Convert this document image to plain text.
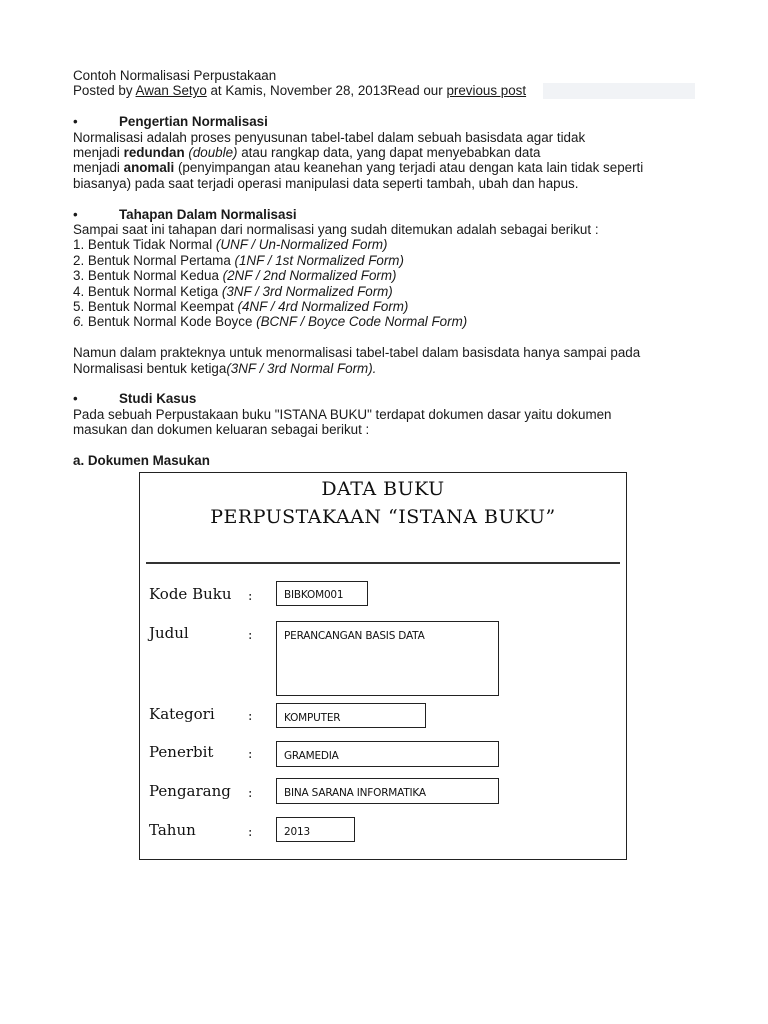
Contoh Normalisasi Perpustakaan
Posted by Awan Setyo at Kamis, November 28, 2013Read our previous post
•	Pengertian Normalisasi
Normalisasi adalah proses penyusunan tabel-tabel dalam sebuah basisdata agar tidak
menjadi redundan (double) atau rangkap data, yang dapat menyebabkan data
menjadi anomali (penyimpangan atau keanehan yang terjadi atau dengan kata lain tidak seperti
biasanya) pada saat terjadi operasi manipulasi data seperti tambah, ubah dan hapus.
•	Tahapan Dalam Normalisasi
Sampai saat ini tahapan dari normalisasi yang sudah ditemukan adalah sebagai berikut :
1. Bentuk Tidak Normal (UNF / Un-Normalized Form)
2. Bentuk Normal Pertama (1NF / 1st Normalized Form)
3. Bentuk Normal Kedua (2NF / 2nd Normalized Form)
4. Bentuk Normal Ketiga (3NF / 3rd Normalized Form)
5. Bentuk Normal Keempat (4NF / 4rd Normalized Form)
6. Bentuk Normal Kode Boyce (BCNF / Boyce Code Normal Form)
Namun dalam prakteknya untuk menormalisasi tabel-tabel dalam basisdata hanya sampai pada
Normalisasi bentuk ketiga(3NF / 3rd Normal Form).
•	Studi Kasus
Pada sebuah Perpustakaan buku "ISTANA BUKU" terdapat dokumen dasar yaitu dokumen
masukan dan dokumen keluaran sebagai berikut :
a. Dokumen Masukan
DATA BUKU
PERPUSTAKAAN “ISTANA BUKU”
Kode Buku :	BIBKOM001
Judul	:	PERANCANGAN BASIS DATA
Kategori	:	KOMPUTER
Penerbit	:	GRAMEDIA
Pengarang :	BINA SARANA INFORMATIKA
Tahun	:	2013
